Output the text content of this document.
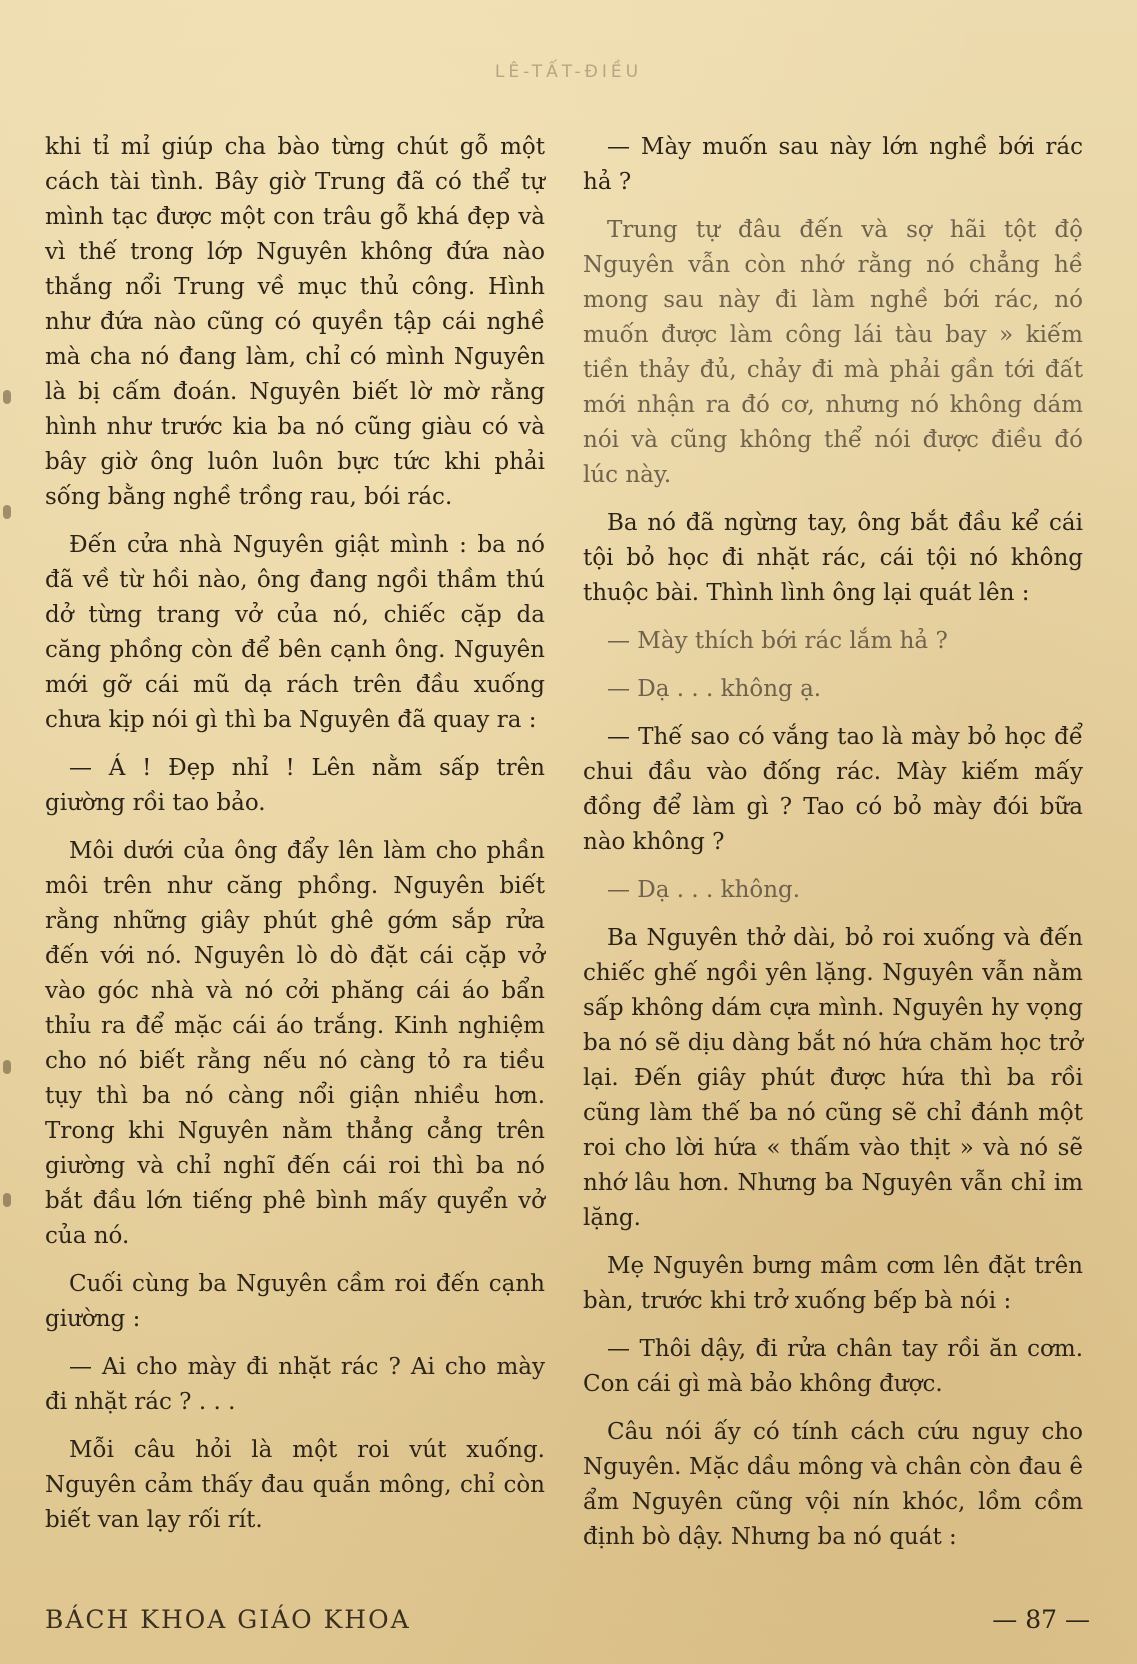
LÊ-TẤT-ĐIỀU

khi tỉ mỉ giúp cha bào từng chút gỗ một cách tài tình. Bây giờ Trung đã có thể tự mình tạc được một con trâu gỗ khá đẹp và vì thế trong lớp Nguyên không đứa nào thắng nổi Trung về mục thủ công. Hình như đứa nào cũng có quyền tập cái nghề mà cha nó đang làm, chỉ có mình Nguyên là bị cấm đoán. Nguyên biết lờ mờ rằng hình như trước kia ba nó cũng giàu có và bây giờ ông luôn luôn bực tức khi phải sống bằng nghề trồng rau, bói rác.

Đến cửa nhà Nguyên giật mình : ba nó đã về từ hồi nào, ông đang ngồi thầm thú dở từng trang vở của nó, chiếc cặp da căng phồng còn để bên cạnh ông. Nguyên mới gỡ cái mũ dạ rách trên đầu xuống chưa kịp nói gì thì ba Nguyên đã quay ra :

— Á ! Đẹp nhỉ ! Lên nằm sấp trên giường rồi tao bảo.

Môi dưới của ông đẩy lên làm cho phần môi trên như căng phồng. Nguyên biết rằng những giây phút ghê gớm sắp rửa đến với nó. Nguyên lò dò đặt cái cặp vở vào góc nhà và nó cởi phăng cái áo bẩn thỉu ra để mặc cái áo trắng. Kinh nghiệm cho nó biết rằng nếu nó càng tỏ ra tiều tụy thì ba nó càng nổi giận nhiều hơn. Trong khi Nguyên nằm thẳng cẳng trên giường và chỉ nghĩ đến cái roi thì ba nó bắt đầu lớn tiếng phê bình mấy quyển vở của nó.

Cuối cùng ba Nguyên cầm roi đến cạnh giường :

— Ai cho mày đi nhặt rác ? Ai cho mày đi nhặt rác ? . . .

Mỗi câu hỏi là một roi vút xuống. Nguyên cảm thấy đau quắn mông, chỉ còn biết van lạy rối rít.

— Mày muốn sau này lớn nghề bới rác hả ?

Trung tự đâu đến và sợ hãi tột độ Nguyên vẫn còn nhớ rằng nó chẳng hề mong sau này đi làm nghề bới rác, nó muốn được làm công lái tàu bay » kiếm tiền thảy đủ, chảy đi mà phải gần tới đất mới nhận ra đó cơ, nhưng nó không dám nói và cũng không thể nói được điều đó lúc này.

Ba nó đã ngừng tay, ông bắt đầu kể cái tội bỏ học đi nhặt rác, cái tội nó không thuộc bài. Thình lình ông lại quát lên :

— Mày thích bới rác lắm hả ?

— Dạ . . . không ạ.

— Thế sao có vắng tao là mày bỏ học để chui đầu vào đống rác. Mày kiếm mấy đồng để làm gì ? Tao có bỏ mày đói bữa nào không ?

— Dạ . . . không.

Ba Nguyên thở dài, bỏ roi xuống và đến chiếc ghế ngồi yên lặng. Nguyên vẫn nằm sấp không dám cựa mình. Nguyên hy vọng ba nó sẽ dịu dàng bắt nó hứa chăm học trở lại. Đến giây phút được hứa thì ba rồi cũng làm thế ba nó cũng sẽ chỉ đánh một roi cho lời hứa « thấm vào thịt » và nó sẽ nhớ lâu hơn. Nhưng ba Nguyên vẫn chỉ im lặng.

Mẹ Nguyên bưng mâm cơm lên đặt trên bàn, trước khi trở xuống bếp bà nói :

— Thôi dậy, đi rửa chân tay rồi ăn cơm. Con cái gì mà bảo không được.

Câu nói ấy có tính cách cứu nguy cho Nguyên. Mặc dầu mông và chân còn đau ê ẩm Nguyên cũng vội nín khóc, lồm cồm định bò dậy. Nhưng ba nó quát :

BÁCH KHOA GIÁO KHOA	— 87 —
